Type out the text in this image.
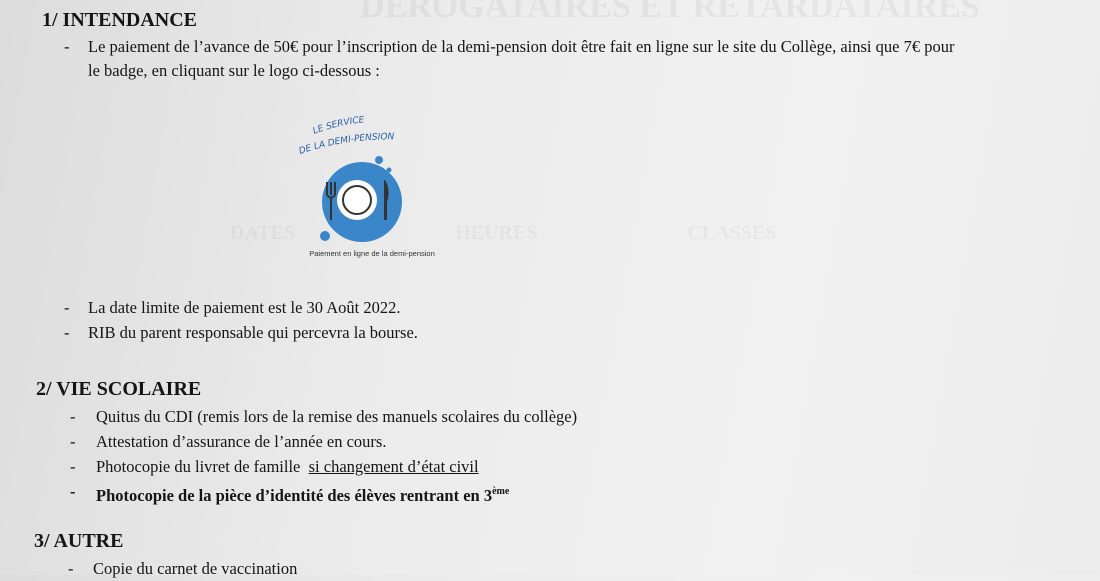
1/ INTENDANCE
- Le paiement de l’avance de 50€ pour l’inscription de la demi-pension doit être fait en ligne sur le site du Collège, ainsi que 7€ pour
le badge, en cliquant sur le logo ci-dessous :
LE SERVICE
DE LA DEMI-PENSION
Paiement en ligne de la demi-pension
- La date limite de paiement est le 30 Août 2022.
- RIB du parent responsable qui percevra la bourse.
2/ VIE SCOLAIRE
- Quitus du CDI (remis lors de la remise des manuels scolaires du collège)
- Attestation d’assurance de l’année en cours.
- Photocopie du livret de famille si changement d’état civil
- Photocopie de la pièce d’identité des élèves rentrant en 3ème
3/ AUTRE
- Copie du carnet de vaccination
